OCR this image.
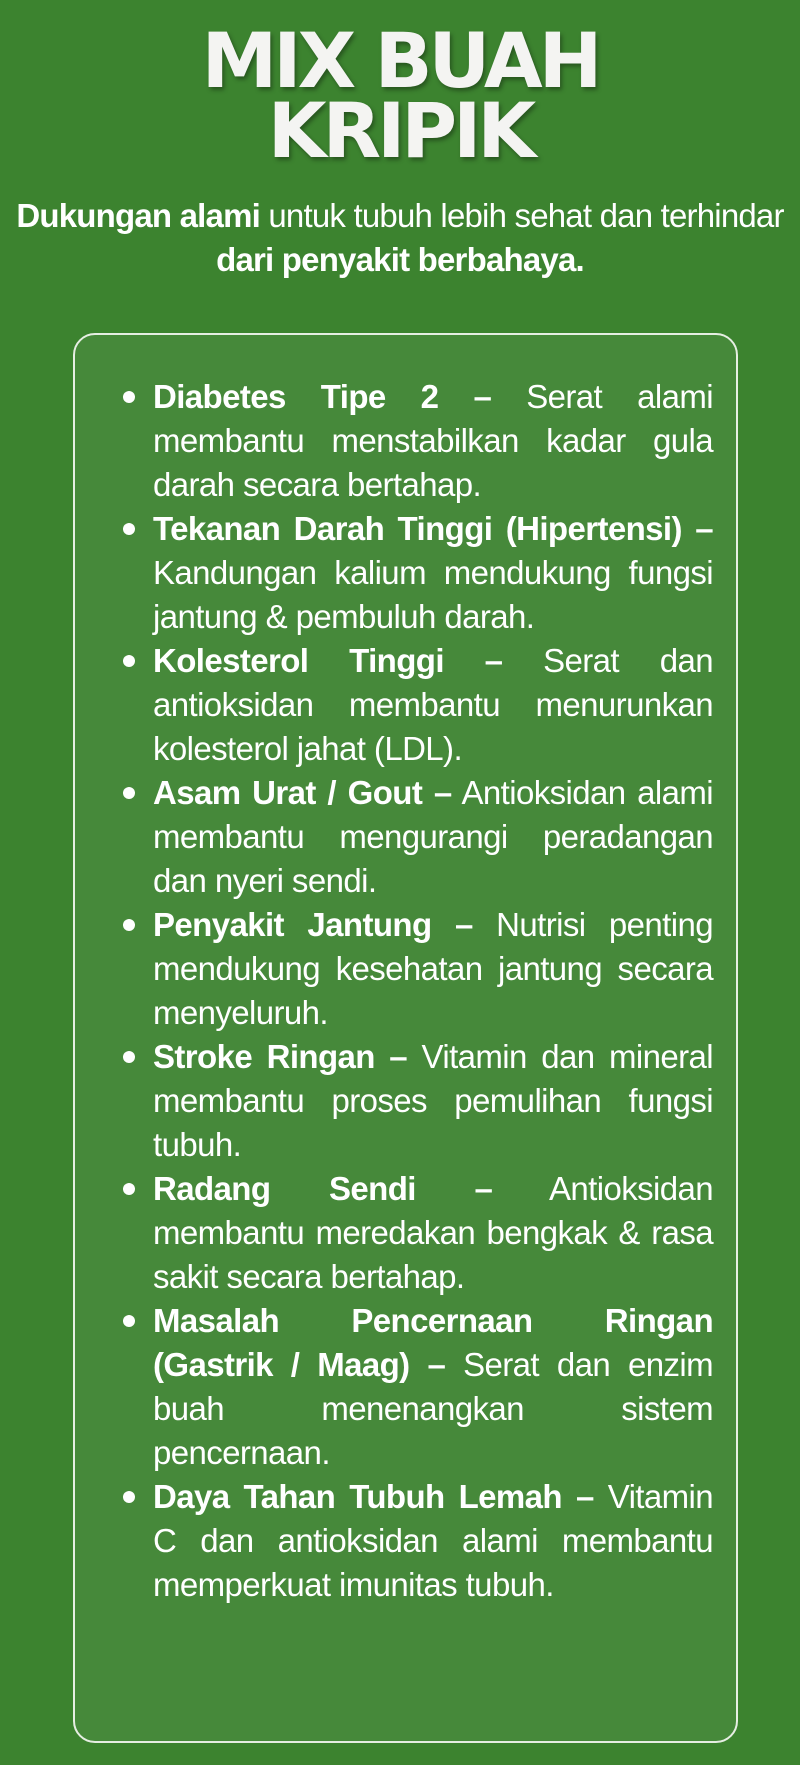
MIX BUAH
KRIPIK

Dukungan alami untuk tubuh lebih sehat dan terhindar dari penyakit berbahaya.

Diabetes Tipe 2 – Serat alami membantu menstabilkan kadar gula darah secara bertahap.
Tekanan Darah Tinggi (Hipertensi) – Kandungan kalium mendukung fungsi jantung & pembuluh darah.
Kolesterol Tinggi – Serat dan antioksidan membantu menurunkan kolesterol jahat (LDL).
Asam Urat / Gout – Antioksidan alami membantu mengurangi peradangan dan nyeri sendi.
Penyakit Jantung – Nutrisi penting mendukung kesehatan jantung secara menyeluruh.
Stroke Ringan – Vitamin dan mineral membantu proses pemulihan fungsi tubuh.
Radang Sendi – Antioksidan membantu meredakan bengkak & rasa sakit secara bertahap.
Masalah Pencernaan Ringan (Gastrik / Maag) – Serat dan enzim buah menenangkan sistem pencernaan.
Daya Tahan Tubuh Lemah – Vitamin C dan antioksidan alami membantu memperkuat imunitas tubuh.
